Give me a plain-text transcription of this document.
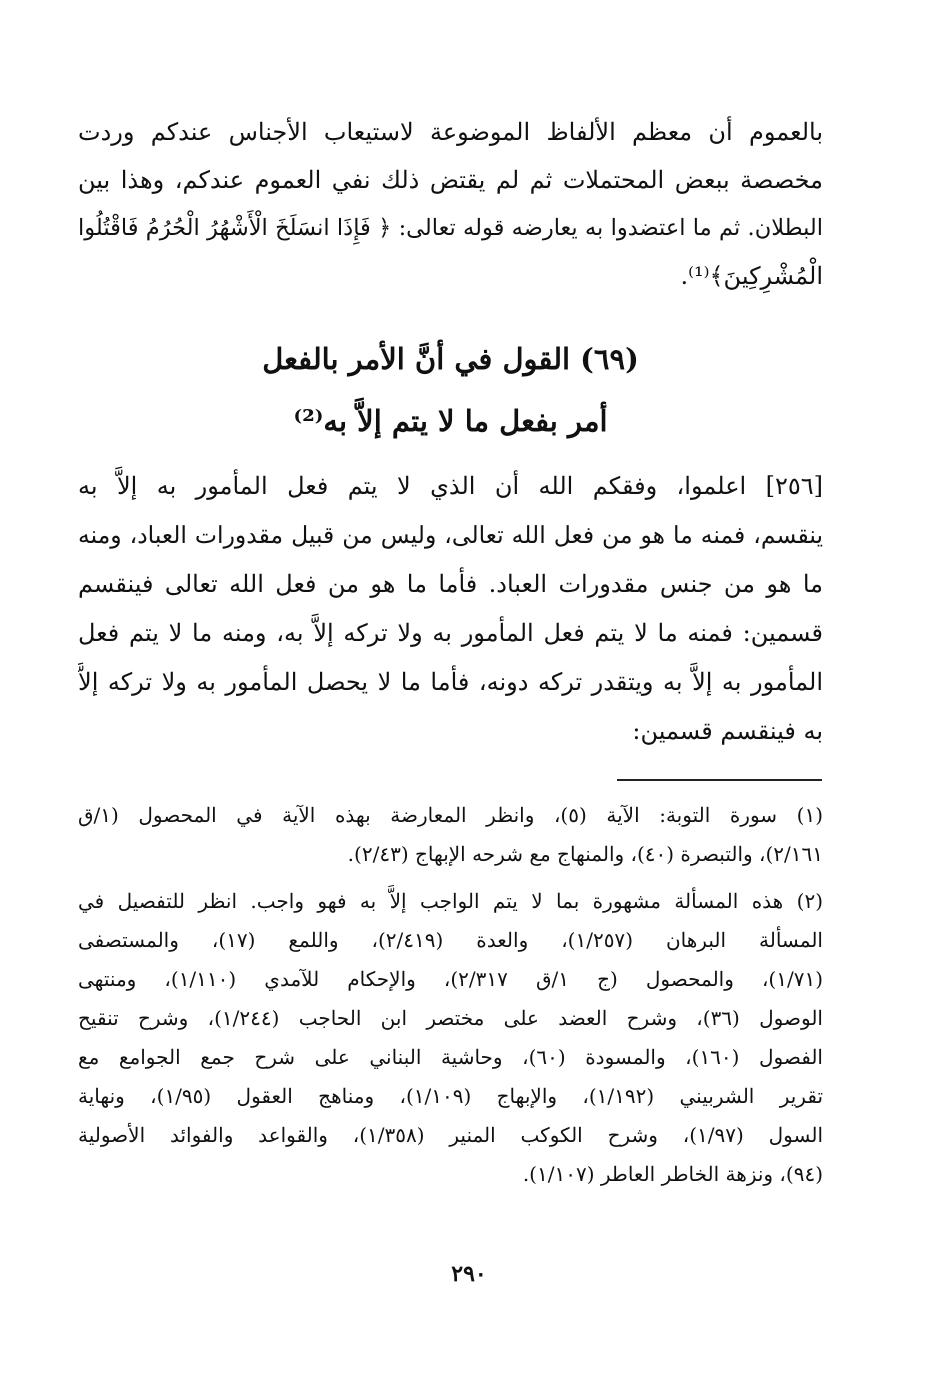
بالعموم أن معظم الألفاظ الموضوعة لاستيعاب الأجناس عندكم وردت
مخصصة ببعض المحتملات ثم لم يقتض ذلك نفي العموم عندكم، وهذا بين
البطلان. ثم ما اعتضدوا به يعارضه قوله تعالى: ﴿ فَإِذَا انسَلَخَ الْأَشْهُرُ الْحُرُمُ فَاقْتُلُوا
الْمُشْرِكِينَ﴾⁽¹⁾.
(٦٩) القول في أنَّ الأمر بالفعل
أمر بفعل ما لا يتم إلاَّ به⁽²⁾
[٢٥٦] اعلموا، وفقكم الله أن الذي لا يتم فعل المأمور به إلاَّ به
ينقسم، فمنه ما هو من فعل الله تعالى، وليس من قبيل مقدورات العباد، ومنه
ما هو من جنس مقدورات العباد. فأما ما هو من فعل الله تعالى فينقسم
قسمين: فمنه ما لا يتم فعل المأمور به ولا تركه إلاَّ به، ومنه ما لا يتم فعل
المأمور به إلاَّ به ويتقدر تركه دونه، فأما ما لا يحصل المأمور به ولا تركه إلاَّ
به فينقسم قسمين:
(١) سورة التوبة: الآية (٥)، وانظر المعارضة بهذه الآية في المحصول (١/ق
٢/١٦١)، والتبصرة (٤٠)، والمنهاج مع شرحه الإبهاج (٢/٤٣).
(٢) هذه المسألة مشهورة بما لا يتم الواجب إلاَّ به فهو واجب. انظر للتفصيل في
المسألة البرهان (١/٢٥٧)، والعدة (٢/٤١٩)، واللمع (١٧)، والمستصفى
(١/٧١)، والمحصول (ج ١/ق ٢/٣١٧)، والإحكام للآمدي (١/١١٠)، ومنتهى
الوصول (٣٦)، وشرح العضد على مختصر ابن الحاجب (١/٢٤٤)، وشرح تنقيح
الفصول (١٦٠)، والمسودة (٦٠)، وحاشية البناني على شرح جمع الجوامع مع
تقرير الشربيني (١/١٩٢)، والإبهاج (١/١٠٩)، ومناهج العقول (١/٩٥)، ونهاية
السول (١/٩٧)، وشرح الكوكب المنير (١/٣٥٨)، والقواعد والفوائد الأصولية
(٩٤)، ونزهة الخاطر العاطر (١/١٠٧).
٢٩٠
